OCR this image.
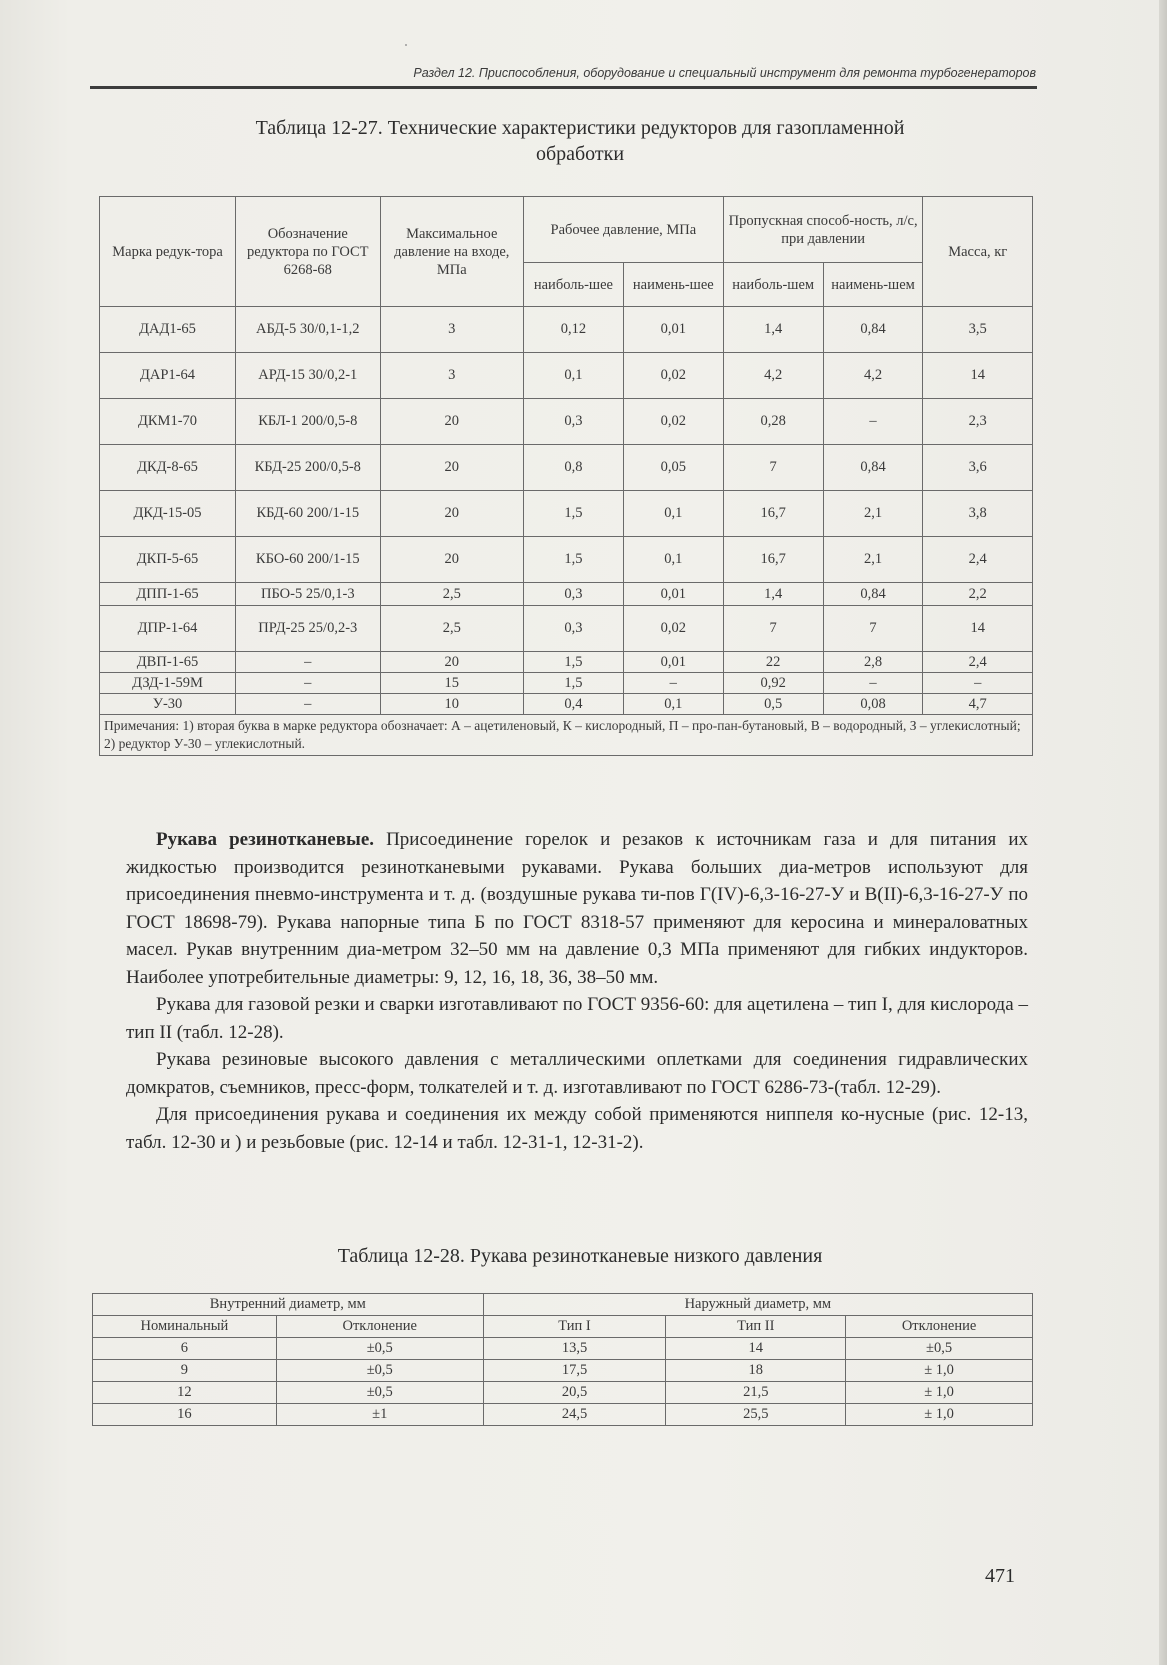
Раздел 12. Приспособления, оборудование и специальный инструмент для ремонта турбогенераторов
Таблица 12-27. Технические характеристики редукторов для газопламенной
обработки
Марка редук-тора	Обозначение редуктора по ГОСТ 6268-68	Максимальное давление на входе, МПа	Рабочее давление, МПа		Пропускная способ-ность, л/с, при давлении		Масса, кг
			наиболь-шее	наимень-шее	наиболь-шем	наимень-шем	
ДАД1-65	АБД-5 30/0,1-1,2	3	0,12	0,01	1,4	0,84	3,5
ДАР1-64	АРД-15 30/0,2-1	3	0,1	0,02	4,2	4,2	14
ДКМ1-70	КБЛ-1 200/0,5-8	20	0,3	0,02	0,28	–	2,3
ДКД-8-65	КБД-25 200/0,5-8	20	0,8	0,05	7	0,84	3,6
ДКД-15-05	КБД-60 200/1-15	20	1,5	0,1	16,7	2,1	3,8
ДКП-5-65	КБО-60 200/1-15	20	1,5	0,1	16,7	2,1	2,4
ДПП-1-65	ПБО-5 25/0,1-3	2,5	0,3	0,01	1,4	0,84	2,2
ДПР-1-64	ПРД-25 25/0,2-3	2,5	0,3	0,02	7	7	14
ДВП-1-65	–	20	1,5	0,01	22	2,8	2,4
ДЗД-1-59М	–	15	1,5	–	0,92	–	–
У-30	–	10	0,4	0,1	0,5	0,08	4,7

Примечания: 1) вторая буква в марке редуктора обозначает: А – ацетиленовый, К – кислородный, П – про-пан-бутановый, В – водородный, З – углекислотный;
2) редуктор У-30 – углекислотный.							

Рукава резинотканевые. Присоединение горелок и резаков к источникам газа и для питания их жидкостью производится резинотканевыми рукавами. Рукава больших диа-метров используют для присоединения пневмо-инструмента и т. д. (воздушные рукава ти-пов Г(IV)-6,3-16-27-У и В(II)-6,3-16-27-У по ГОСТ 18698-79). Рукава напорные типа Б по ГОСТ 8318-57 применяют для керосина и минераловатных масел. Рукав внутренним диа-метром 32–50 мм на давление 0,3 МПа применяют для гибких индукторов. Наиболее употребительные диаметры: 9, 12, 16, 18, 36, 38–50 мм.

Рукава для газовой резки и сварки изготавливают по ГОСТ 9356-60: для ацетилена – тип I, для кислорода – тип II (табл. 12-28).

Рукава резиновые высокого давления с металлическими оплетками для соединения гидравлических домкратов, съемников, пресс-форм, толкателей и т. д. изготавливают по ГОСТ 6286-73-(табл. 12-29).

Для присоединения рукава и соединения их между собой применяются ниппеля ко-нусные (рис. 12-13, табл. 12-30 и ) и резьбовые (рис. 12-14 и табл. 12-31-1, 12-31-2).

Таблица 12-28. Рукава резинотканевые низкого давления
Внутренний диаметр, мм		Наружный диаметр, мм		
Номинальный	Отклонение	Тип I	Тип II	Отклонение
6	±0,5	13,5	14	±0,5
9	±0,5	17,5	18	± 1,0
12	±0,5	20,5	21,5	± 1,0
16	±1	24,5	25,5	± 1,0
471
